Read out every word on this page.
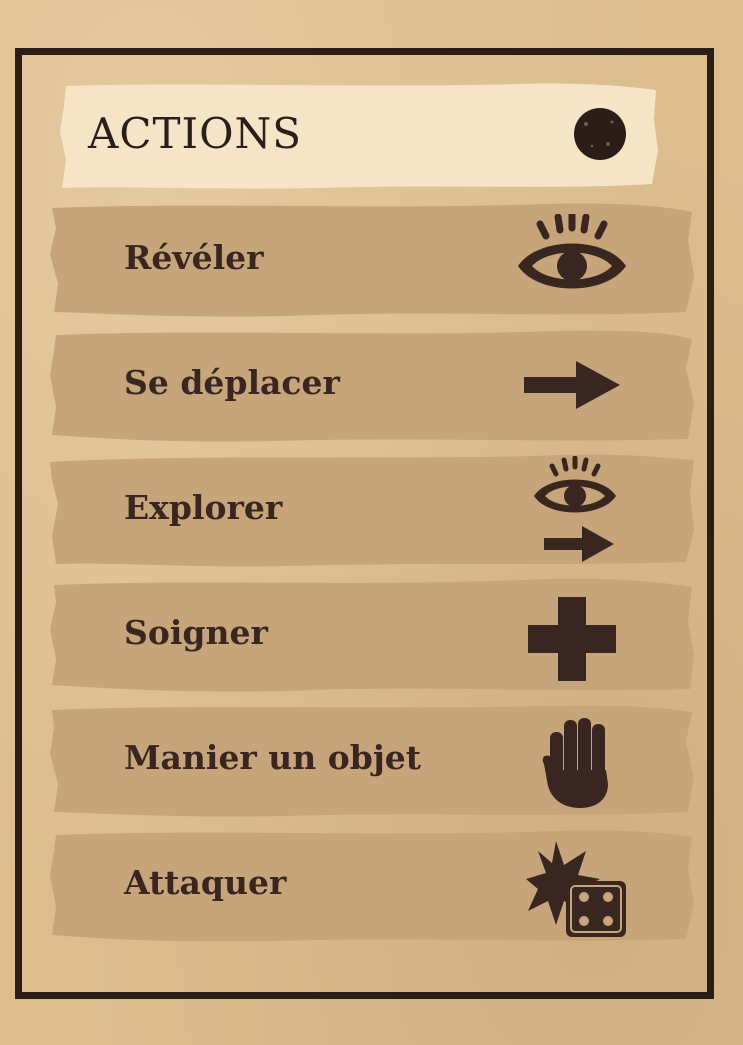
ACTIONS
Révéler
Se déplacer
Explorer
Soigner
Manier un objet
Attaquer
